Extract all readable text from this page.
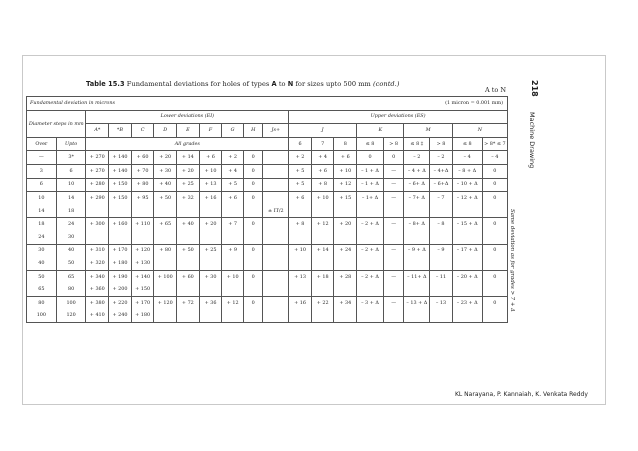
Table 15.3 Fundamental deviations for holes of types A to N for sizes upto 500 mm (contd.)
A to N	218
Machine Drawing
Same deviation as for grades > 7 + Δ
Fundamental deviation in microns											(1 micron = 0.001 mm)								
Diameter steps in mm		Lower deviations (EI)									Upper deviations (ES)								
		A*	*B	C	D	E	F	G	H	Js+	J			K		M		N	
Over	Upto	All grades									6	7	8	≤ 8	> 8	≤ 8 ‡	> 8	≤ 8	> 8* ≤ 7
—	3*	+ 270	+ 140	+ 60	+ 20	+ 14	+ 6	+ 2	0		+ 2	+ 4	+ 6	0	0	– 2	– 2	– 4	– 4
3	6	+ 270	+ 140	+ 70	+ 30	+ 20	+ 10	+ 4	0		+ 5	+ 6	+ 10	– 1 + Δ	—	– 4 + Δ	– 4+Δ	– 8 + Δ	0
6	10	+ 280	+ 150	+ 80	+ 40	+ 25	+ 13	+ 5	0		+ 5	+ 8	+ 12	– 1 + Δ	—	– 6+ Δ	– 6+Δ	– 10 + Δ	0
10	14	+ 290	+ 150	+ 95	+ 50	+ 32	+ 16	+ 6	0		+ 6	+ 10	+ 15	– 1+ Δ	—	– 7+ Δ	– 7	– 12 + Δ	0
14	18									± IT/2									
18	24	+ 300	+ 160	+ 110	+ 65	+ 40	+ 20	+ 7	0		+ 8	+ 12	+ 20	– 2 + Δ	—	– 8+ Δ	– 8	– 15 + Δ	0
24	30																		
30	40	+ 310	+ 170	+ 120	+ 80	+ 50	+ 25	+ 9	0		+ 10	+ 14	+ 24	– 2 + Δ	—	– 9 + Δ	– 9	– 17 + Δ	0
40	50	+ 320	+ 180	+ 130															
50	65	+ 340	+ 190	+ 140	+ 100	+ 60	+ 30	+ 10	0		+ 13	+ 18	+ 28	– 2 + Δ	—	– 11+ Δ	– 11	– 20 + Δ	0
65	80	+ 360	+ 200	+ 150															
80	100	+ 380	+ 220	+ 170	+ 120	+ 72	+ 36	+ 12	0		+ 16	+ 22	+ 34	– 3 + Δ	—	– 13 + Δ	– 13	– 23 + Δ	0
100	120	+ 410	+ 240	+ 180															
KL Narayana, P. Kannaiah, K. Venkata Reddy
